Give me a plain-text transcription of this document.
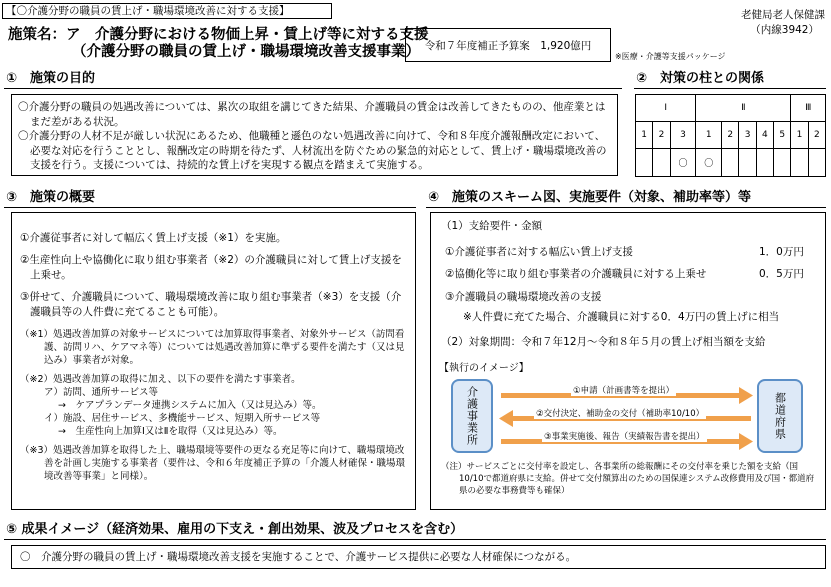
【〇介護分野の職員の賃上げ・職場環境改善に対する支援】	老健局老人保健課
（内線3942）
施策名：ア　介護分野における物価上昇・賃上げ等に対する支援
（介護分野の職員の賃上げ・職場環境改善支援事業） 令和７年度補正予算案　1,920億円
※医療・介護等支援パッケージ
①　施策の目的
〇介護分野の職員の処遇改善については、累次の取組を講じてきた結果、介護職員の賃金は改善してきたものの、他産業とはまだ差がある状況。
〇介護分野の人材不足が厳しい状況にあるため、他職種と遜色のない処遇改善に向けて、令和８年度介護報酬改定において、必要な対応を行うこととし、報酬改定の時期を待たず、人材流出を防ぐための緊急的対応として、賃上げ・職場環境改善の支援を行う。支援については、持続的な賃上げを実現する観点を踏まえて実施する。
②　対策の柱との関係
Ⅰ			Ⅱ					Ⅲ	
1	2	3	1	2	3	4	5	1	2
		〇	〇						
③　施策の概要
①介護従事者に対して幅広く賃上げ支援（※1）を実施。
②生産性向上や協働化に取り組む事業者（※2）の介護職員に対して賃上げ支援を上乗せ。
③併せて、介護職員について、職場環境改善に取り組む事業者（※3）を支援（介護職員等の人件費に充てることも可能）。
（※1）処遇改善加算の対象サービスについては加算取得事業者、対象外サービス（訪問看護、訪問リハ、ケアマネ等）については処遇改善加算に準ずる要件を満たす（又は見込み）事業者が対象。
（※2）処遇改善加算の取得に加え、以下の要件を満たす事業者。
ア）訪問、通所サービス等
→　ケアプランデータ連携システムに加入（又は見込み）等。
イ）施設、居住サービス、多機能サービス、短期入所サービス等
→　生産性向上加算Ⅰ又はⅡを取得（又は見込み）等。
（※3）処遇改善加算を取得した上、職場環境等要件の更なる充足等に向けて、職場環境改善を計画し実施する事業者（要件は、令和６年度補正予算の「介護人材確保・職場環境改善等事業」と同様）。
④　施策のスキーム図、実施要件（対象、補助率等）等
（1）支給要件・金額
①介護従事者に対する幅広い賃上げ支援	1．0万円
②協働化等に取り組む事業者の介護職員に対する上乗せ	0．5万円
③介護職員の職場環境改善の支援
※人件費に充てた場合、介護職員に対する0．4万円の賃上げに相当
（2）対象期間：令和７年12月～令和８年５月の賃上げ相当額を支給
【執行のイメージ】
介護事業所	都道府県
①申請（計画書等を提出）
②交付決定、補助金の交付（補助率10/10）
③事業実施後、報告（実績報告書を提出）
（注）サービスごとに交付率を設定し、各事業所の総報酬にその交付率を乗じた額を支給（国10/10で都道府県に支給。併せて交付額算出のための国保連システム改修費用及び国・都道府県の必要な事務費等も確保）
⑤ 成果イメージ（経済効果、雇用の下支え・創出効果、波及プロセスを含む）
〇　介護分野の職員の賃上げ・職場環境改善支援を実施することで、介護サービス提供に必要な人材確保につながる。
